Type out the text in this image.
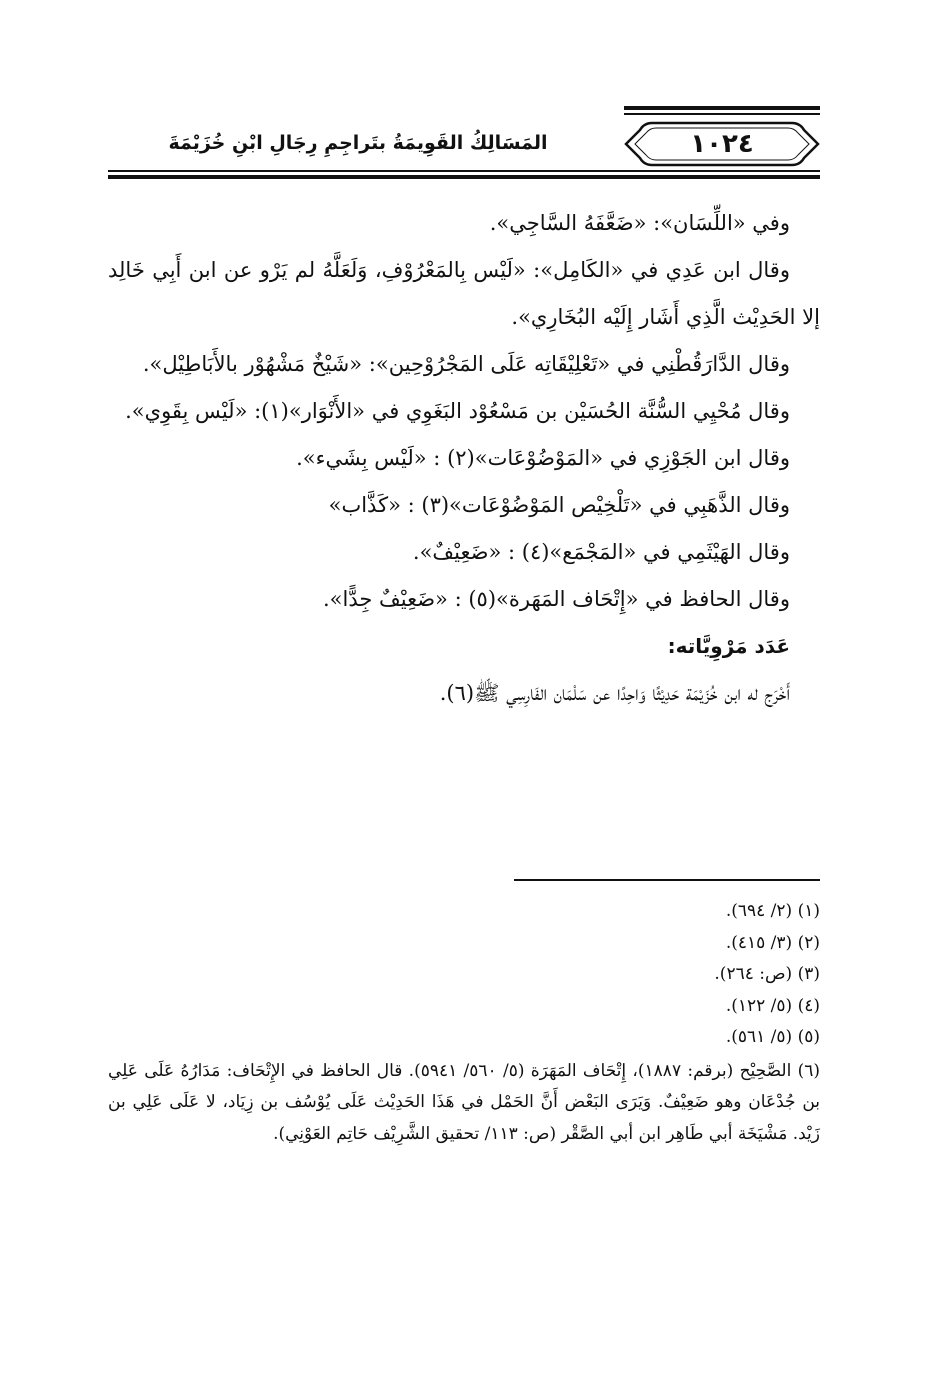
١٠٢٤
المَسَالِكُ القَوِيمَةُ بتَراجِمِ رِجَالِ ابْنِ خُزَيْمَةَ

وفي «اللِّسَان»: «ضَعَّفَهُ السَّاجِي».

وقال ابن عَدِي في «الكَامِل»: «لَيْس بِالمَعْرُوْفِ، وَلَعَلَّهُ لم يَرْو عن ابن أَبِي خَالِد إلا الحَدِيْث الَّذِي أَشَار إِلَيْه البُخَارِي».

وقال الدَّارَقُطْنِي في «تَعْلِيْقَاتِه عَلَى المَجْرُوْحِين»: «شَيْخٌ مَشْهُوْر بالأَبَاطِيْل».

وقال مُحْيِي السُّنَّة الحُسَيْن بن مَسْعُوْد البَغَوِي في «الأَنْوَار»(١): «لَيْس بِقَوِي».

وقال ابن الجَوْزِي في «المَوْضُوْعَات»(٢) : «لَيْس بِشَيء».

وقال الذَّهَبِي في «تَلْخِيْص المَوْضُوْعَات»(٣) : «كَذَّاب»

وقال الهَيْثَمِي في «المَجْمَع»(٤) : «ضَعِيْفٌ».

وقال الحافظ في «إِتْحَاف المَهَرة»(٥) : «ضَعِيْفٌ جِدًّا».

عَدَد مَرْوِيَّاته:

أَخْرَج له ابن خُزَيْمَة حَدِيْثًا وَاحِدًا عن سَلْمَان الفَارِسِي ﷺ(٦).

(١) (٢/ ٦٩٤).

(٢) (٣/ ٤١٥).

(٣) (ص: ٢٦٤).

(٤) (٥/ ١٢٢).

(٥) (٥/ ٥٦١).

(٦) الصَّحِيْح (برقم: ١٨٨٧)، إِتْحَاف المَهَرَة (٥/ ٥٦٠/ ٥٩٤١). قال الحافظ في الإِتْحَاف: مَدَارُهُ عَلَى عَلِي بن جُدْعَان وهو ضَعِيْفٌ. وَيَرَى البَعْض أَنَّ الحَمْل في هَذَا الحَدِيْث عَلَى يُوْسُف بن زِيَاد، لا عَلَى عَلِي بن زَيْد. مَشْيَخَة أبي طَاهِر ابن أبي الصَّقْر (ص: ١١٣/ تحقيق الشَّرِيْف حَاتِم العَوْنِي).
